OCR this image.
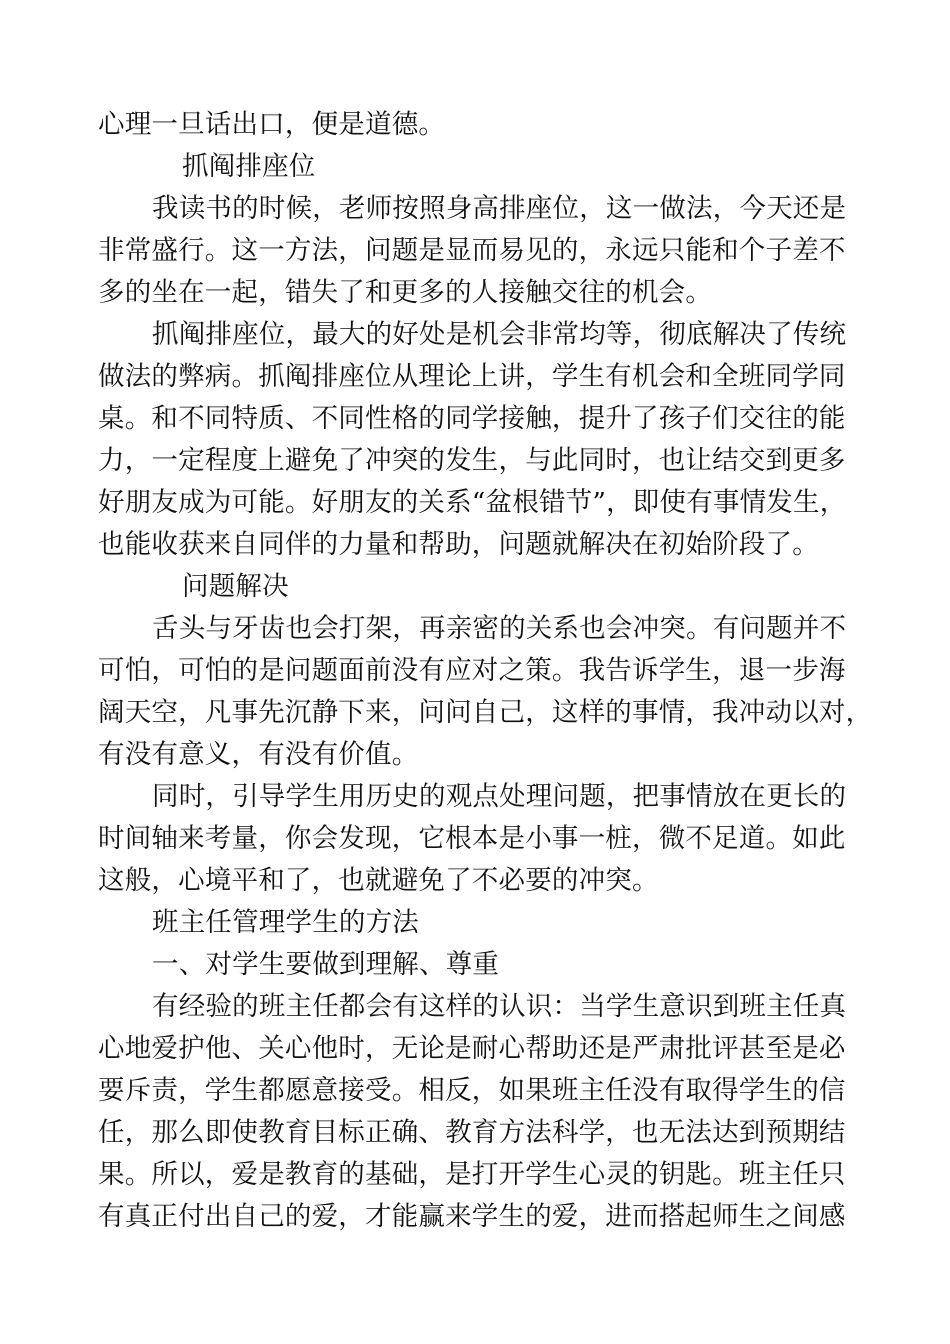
心理一旦话出口，便是道德。
抓阄排座位
我读书的时候，老师按照身高排座位，这一做法，今天还是
非常盛行。这一方法，问题是显而易见的，永远只能和个子差不
多的坐在一起，错失了和更多的人接触交往的机会。
抓阄排座位，最大的好处是机会非常均等，彻底解决了传统
做法的弊病。抓阄排座位从理论上讲，学生有机会和全班同学同
桌。和不同特质、不同性格的同学接触，提升了孩子们交往的能
力，一定程度上避免了冲突的发生，与此同时，也让结交到更多
好朋友成为可能。好朋友的关系“盆根错节”，即使有事情发生，
也能收获来自同伴的力量和帮助，问题就解决在初始阶段了。
问题解决
舌头与牙齿也会打架，再亲密的关系也会冲突。有问题并不
可怕，可怕的是问题面前没有应对之策。我告诉学生，退一步海
阔天空，凡事先沉静下来，问问自己，这样的事情，我冲动以对，
有没有意义，有没有价值。
同时，引导学生用历史的观点处理问题，把事情放在更长的
时间轴来考量，你会发现，它根本是小事一桩，微不足道。如此
这般，心境平和了，也就避免了不必要的冲突。
班主任管理学生的方法
一、对学生要做到理解、尊重
有经验的班主任都会有这样的认识：当学生意识到班主任真
心地爱护他、关心他时，无论是耐心帮助还是严肃批评甚至是必
要斥责，学生都愿意接受。相反，如果班主任没有取得学生的信
任，那么即使教育目标正确、教育方法科学，也无法达到预期结
果。所以，爱是教育的基础，是打开学生心灵的钥匙。班主任只
有真正付出自己的爱，才能赢来学生的爱，进而搭起师生之间感
